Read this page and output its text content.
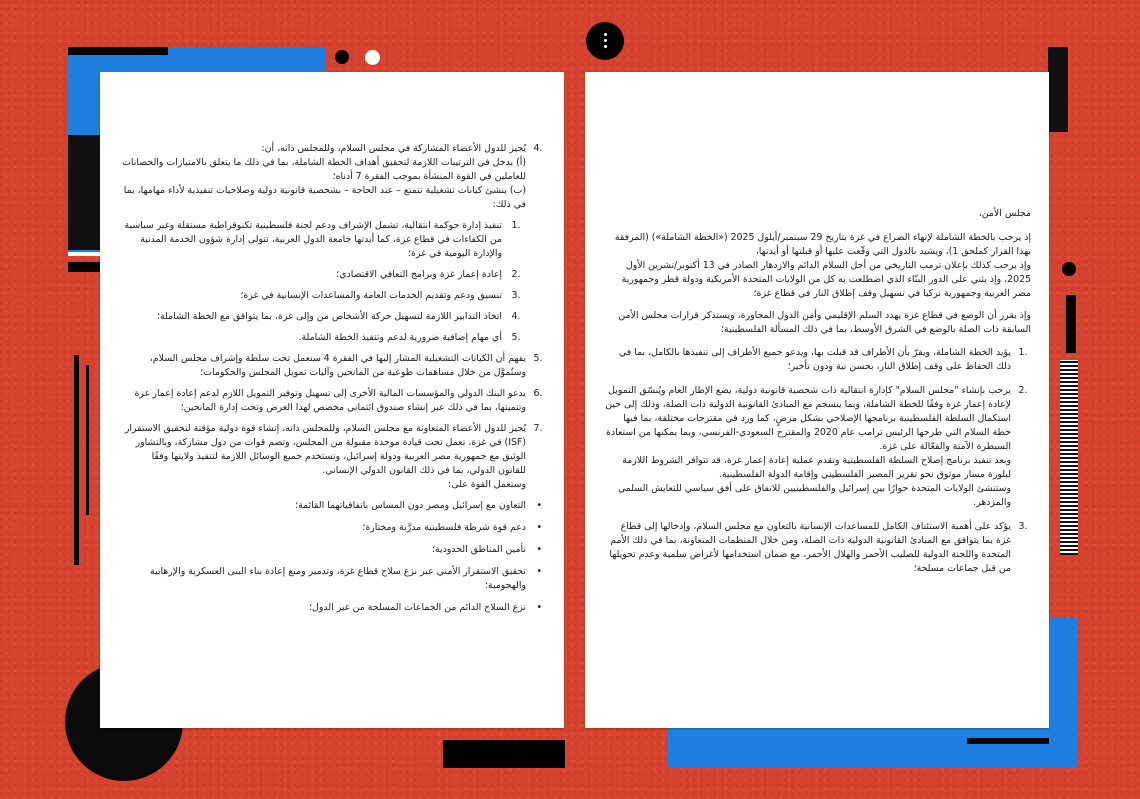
.4

يُجيز للدول الأعضاء المشاركة في مجلس السلام، وللمجلس ذاته، أن:

(أ) يدخل في الترتيبات اللازمة لتحقيق أهداف الخطة الشاملة، بما في ذلك ما يتعلق بالامتيازات والحصانات للعاملين في القوة المنشأة بموجب الفقرة 7 أدناه؛

(ب) ينشئ كيانات تشغيلية تتمتع – عند الحاجة – بشخصية قانونية دولية وصلاحيات تنفيذية لأداء مهامها، بما في ذلك:

.1

تنفيذ إدارة حوكمة انتقالية، تشمل الإشراف ودعم لجنة فلسطينية تكنوقراطية مستقلة وغير سياسية من الكفاءات في قطاع غزة، كما أيدتها جامعة الدول العربية، تتولى إدارة شؤون الخدمة المدنية والإدارة اليومية في غزة؛

.2

إعادة إعمار غزة وبرامج التعافي الاقتصادي؛

.3

تنسيق ودعم وتقديم الخدمات العامة والمساعدات الإنسانية في غزة؛

.4

اتخاذ التدابير اللازمة لتسهيل حركة الأشخاص من وإلى غزة، بما يتوافق مع الخطة الشاملة؛

.5

أي مهام إضافية ضرورية لدعم وتنفيذ الخطة الشاملة.

.5

يفهم أن الكيانات التشغيلية المشار إليها في الفقرة 4 ستعمل تحت سلطة وإشراف مجلس السلام، وستُموَّل من خلال مساهمات طوعية من المانحين وآليات تمويل المجلس والحكومات؛

.6

يدعو البنك الدولي والمؤسسات المالية الأخرى إلى تسهيل وتوفير التمويل اللازم لدعم إعادة إعمار غزة وتنميتها، بما في ذلك عبر إنشاء صندوق ائتماني مخصص لهذا الغرض وتحت إدارة المانحين؛

.7

يُجيز للدول الأعضاء المتعاونة مع مجلس السلام، وللمجلس ذاته، إنشاء قوة دولية مؤقتة لتحقيق الاستقرار (ISF) في غزة، تعمل تحت قيادة موحدة مقبولة من المجلس، وتضم قوات من دول مشاركة، وبالتشاور الوثيق مع جمهورية مصر العربية ودولة إسرائيل، وتستخدم جميع الوسائل اللازمة لتنفيذ ولايتها وفقًا للقانون الدولي، بما في ذلك القانون الدولي الإنساني.

وستعمل القوة على:

•

التعاون مع إسرائيل ومصر دون المساس باتفاقياتهما القائمة؛

•

دعم قوة شرطة فلسطينية مدرَّبة ومختارة؛

•

تأمين المناطق الحدودية؛

•

تحقيق الاستقرار الأمني عبر نزع سلاح قطاع غزة، وتدمير ومنع إعادة بناء البنى العسكرية والإرهابية والهجومية؛

•

نزع السلاح الدائم من الجماعات المسلحة من غير الدول؛

مجلس الأمن،

إذ يرحب بالخطة الشاملة لإنهاء الصراع في غزة بتاريخ 29 سبتمبر/أيلول 2025 («الخطة الشاملة») (المرفقة بهذا القرار كملحق 1)، ويشيد بالدول التي وقّعت عليها أو قبلتها أو أيدتها،

وإذ يرحب كذلك بإعلان ترمب التاريخي من أجل السلام الدائم والازدهار الصادر في 13 أكتوبر/تشرين الأول 2025، وإذ يثني على الدور البنّاء الذي اضطلعت به كل من الولايات المتحدة الأمريكية ودولة قطر وجمهورية مصر العربية وجمهورية تركيا في تسهيل وقف إطلاق النار في قطاع غزة؛

وإذ يقرر أن الوضع في قطاع غزة يهدد السلم الإقليمي وأمن الدول المجاورة، ويستذكر قرارات مجلس الأمن السابقة ذات الصلة بالوضع في الشرق الأوسط، بما في ذلك المسألة الفلسطينية؛

.1

يؤيد الخطة الشاملة، ويقرّ بأن الأطراف قد قبلت بها، ويدعو جميع الأطراف إلى تنفيذها بالكامل، بما في ذلك الحفاظ على وقف إطلاق النار، بحسن نية ودون تأخير؛

.2

يرحب بإنشاء "مجلس السلام" كإدارة انتقالية ذات شخصية قانونية دولية، يضع الإطار العام ويُنسّق التمويل لإعادة إعمار غزة وفقًا للخطة الشاملة، وبما ينسجم مع المبادئ القانونية الدولية ذات الصلة، وذلك إلى حين استكمال السلطة الفلسطينية برنامجها الإصلاحي بشكل مرضٍ، كما ورد في مقترحات مختلفة، بما فيها خطة السلام التي طرحها الرئيس ترامب عام 2020 والمقترح السعودي-الفرنسي، وبما يمكنها من استعادة السيطرة الآمنة والفعّالة على غزة.

وبعد تنفيذ برنامج إصلاح السلطة الفلسطينية وتقدم عملية إعادة إعمار غزة، قد تتوافر الشروط اللازمة لبلورة مسار موثوق نحو تقرير المصير الفلسطيني وإقامة الدولة الفلسطينية.

وستنشئ الولايات المتحدة حوارًا بين إسرائيل والفلسطينيين للاتفاق على أفق سياسي للتعايش السلمي والمزدهر.

.3

يؤكد على أهمية الاستئناف الكامل للمساعدات الإنسانية بالتعاون مع مجلس السلام، وإدخالها إلى قطاع غزة بما يتوافق مع المبادئ القانونية الدولية ذات الصلة، ومن خلال المنظمات المتعاونة، بما في ذلك الأمم المتحدة واللجنة الدولية للصليب الأحمر والهلال الأحمر، مع ضمان استخدامها لأغراض سلمية وعدم تحويلها من قبل جماعات مسلحة؛
